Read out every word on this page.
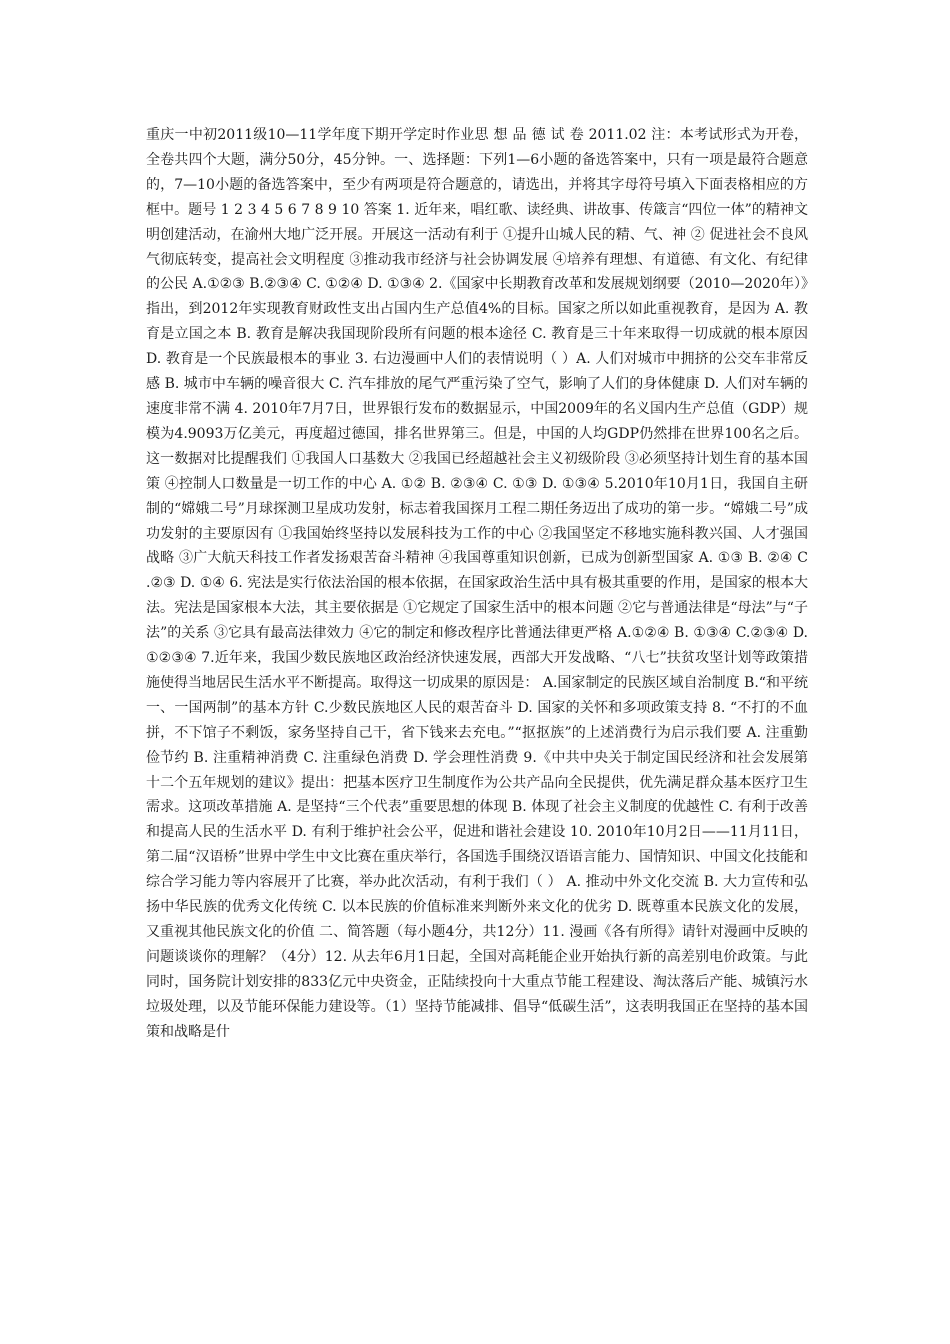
重庆一中初2011级10—11学年度下期开学定时作业思 想 品 德 试 卷 2011.02 注：本考试形式为开卷，全卷共四个大题，满分50分，45分钟。一、选择题：下列1—6小题的备选答案中，只有一项是最符合题意的，7—10小题的备选答案中，至少有两项是符合题意的，请选出，并将其字母符号填入下面表格相应的方框中。题号 1 2 3 4 5 6 7 8 9 10 答案 1. 近年来，唱红歌、读经典、讲故事、传箴言“四位一体”的精神文明创建活动，在渝州大地广泛开展。开展这一活动有利于 ①提升山城人民的精、气、神 ② 促进社会不良风气彻底转变，提高社会文明程度 ③推动我市经济与社会协调发展 ④培养有理想、有道德、有文化、有纪律的公民 A.①②③ B.②③④ C. ①②④ D. ①③④ 2.《国家中长期教育改革和发展规划纲要（2010—2020年）》指出，到2012年实现教育财政性支出占国内生产总值4%的目标。国家之所以如此重视教育，是因为 A. 教育是立国之本 B. 教育是解决我国现阶段所有问题的根本途径 C. 教育是三十年来取得一切成就的根本原因 D. 教育是一个民族最根本的事业 3. 右边漫画中人们的表情说明（ ）A. 人们对城市中拥挤的公交车非常反感 B. 城市中车辆的噪音很大 C. 汽车排放的尾气严重污染了空气，影响了人们的身体健康 D. 人们对车辆的速度非常不满 4. 2010年7月7日，世界银行发布的数据显示，中国2009年的名义国内生产总值（GDP）规模为4.9093万亿美元，再度超过德国，排名世界第三。但是，中国的人均GDP仍然排在世界100名之后。这一数据对比提醒我们 ①我国人口基数大 ②我国已经超越社会主义初级阶段 ③必须坚持计划生育的基本国策 ④控制人口数量是一切工作的中心 A. ①② B. ②③④ C. ①③ D. ①③④ 5.2010年10月1日，我国自主研制的“嫦娥二号”月球探测卫星成功发射，标志着我国探月工程二期任务迈出了成功的第一步。“嫦娥二号”成功发射的主要原因有 ①我国始终坚持以发展科技为工作的中心 ②我国坚定不移地实施科教兴国、人才强国战略 ③广大航天科技工作者发扬艰苦奋斗精神 ④我国尊重知识创新，已成为创新型国家 A. ①③ B. ②④ C .②③ D. ①④ 6. 宪法是实行依法治国的根本依据，在国家政治生活中具有极其重要的作用，是国家的根本大法。宪法是国家根本大法，其主要依据是 ①它规定了国家生活中的根本问题 ②它与普通法律是“母法”与“子法”的关系 ③它具有最高法律效力 ④它的制定和修改程序比普通法律更严格 A.①②④ B. ①③④ C.②③④ D. ①②③④ 7.近年来，我国少数民族地区政治经济快速发展，西部大开发战略、“八七”扶贫攻坚计划等政策措施使得当地居民生活水平不断提高。取得这一切成果的原因是： A.国家制定的民族区域自治制度 B.“和平统一、一国两制”的基本方针 C.少数民族地区人民的艰苦奋斗 D. 国家的关怀和多项政策支持 8. “不打的不血拼，不下馆子不剩饭，家务坚持自己干，省下钱来去充电。”“抠抠族”的上述消费行为启示我们要 A. 注重勤俭节约 B. 注重精神消费 C. 注重绿色消费 D. 学会理性消费 9.《中共中央关于制定国民经济和社会发展第十二个五年规划的建议》提出：把基本医疗卫生制度作为公共产品向全民提供，优先满足群众基本医疗卫生需求。这项改革措施 A. 是坚持“三个代表”重要思想的体现 B. 体现了社会主义制度的优越性 C. 有利于改善和提高人民的生活水平 D. 有利于维护社会公平，促进和谐社会建设 10. 2010年10月2日——11月11日，第二届“汉语桥”世界中学生中文比赛在重庆举行，各国选手围绕汉语语言能力、国情知识、中国文化技能和综合学习能力等内容展开了比赛，举办此次活动，有利于我们（ ） A. 推动中外文化交流 B. 大力宣传和弘扬中华民族的优秀文化传统 C. 以本民族的价值标准来判断外来文化的优劣 D. 既尊重本民族文化的发展，又重视其他民族文化的价值 二、简答题（每小题4分，共12分）11. 漫画《各有所得》请针对漫画中反映的问题谈谈你的理解？（4分）12. 从去年6月1日起，全国对高耗能企业开始执行新的高差别电价政策。与此同时，国务院计划安排的833亿元中央资金，正陆续投向十大重点节能工程建设、淘汰落后产能、城镇污水垃圾处理，以及节能环保能力建设等。（1）坚持节能减排、倡导“低碳生活”，这表明我国正在坚持的基本国策和战略是什
